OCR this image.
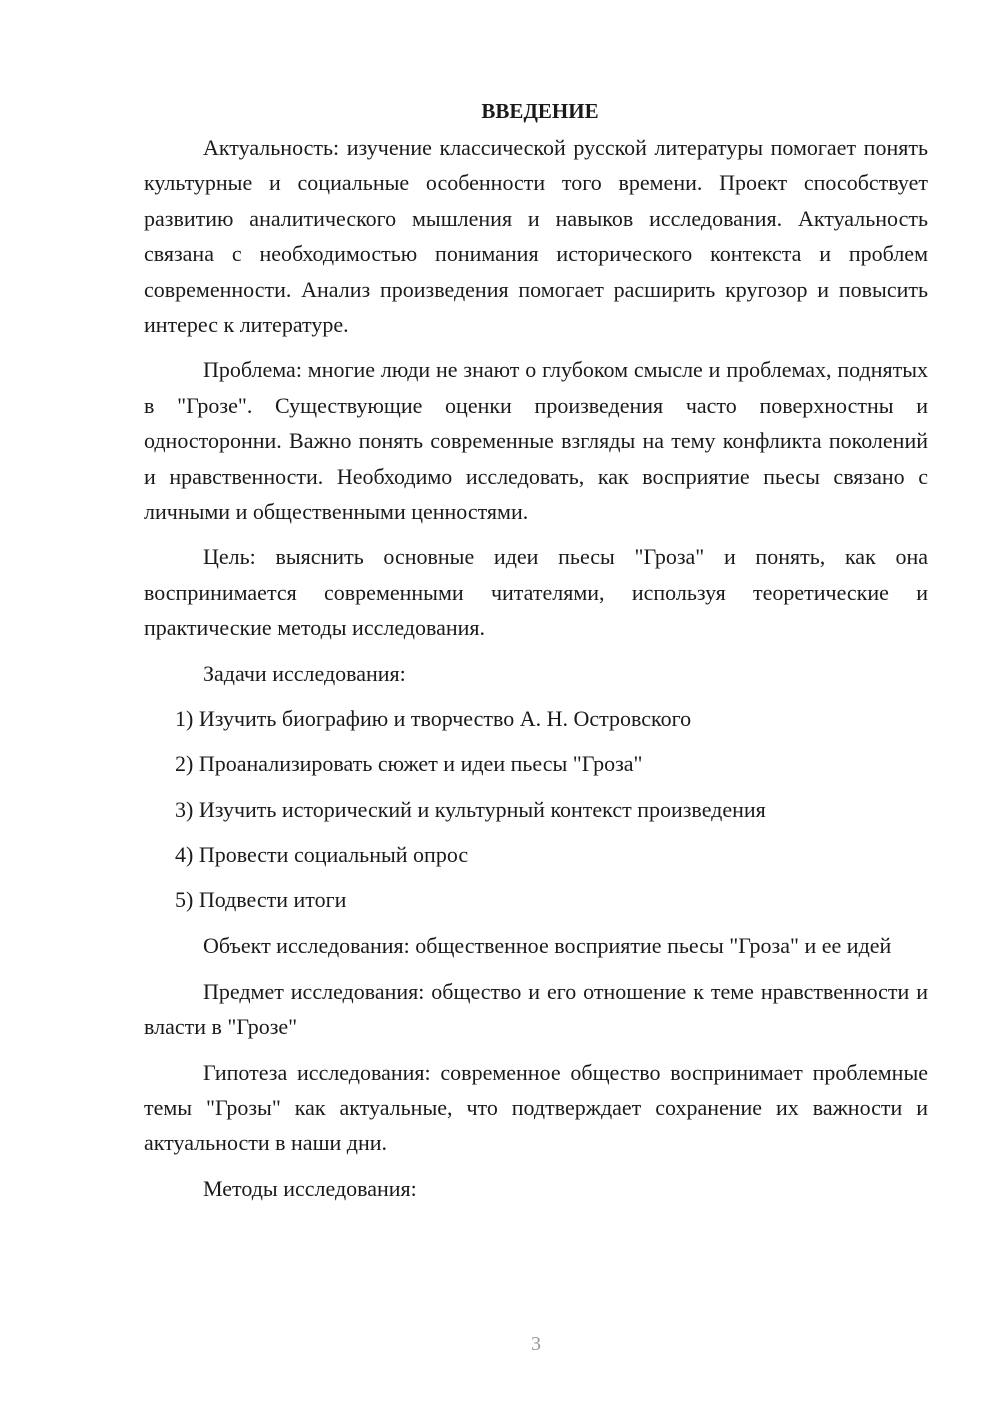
ВВЕДЕНИЕ

Актуальность: изучение классической русской литературы помогает понять культурные и социальные особенности того времени. Проект способствует развитию аналитического мышления и навыков исследования. Актуальность связана с необходимостью понимания исторического контекста и проблем современности. Анализ произведения помогает расширить кругозор и повысить интерес к литературе.

Проблема: многие люди не знают о глубоком смысле и проблемах, поднятых в "Грозе". Существующие оценки произведения часто поверхностны и односторонни. Важно понять современные взгляды на тему конфликта поколений и нравственности. Необходимо исследовать, как восприятие пьесы связано с личными и общественными ценностями.

Цель: выяснить основные идеи пьесы "Гроза" и понять, как она воспринимается современными читателями, используя теоретические и практические методы исследования.

Задачи исследования:

1) Изучить биографию и творчество А. Н. Островского
2) Проанализировать сюжет и идеи пьесы "Гроза"
3) Изучить исторический и культурный контекст произведения
4) Провести социальный опрос
5) Подвести итоги

Объект исследования: общественное восприятие пьесы "Гроза" и ее идей

Предмет исследования: общество и его отношение к теме нравственности и власти в "Грозе"

Гипотеза исследования: современное общество воспринимает проблемные темы "Грозы" как актуальные, что подтверждает сохранение их важности и актуальности в наши дни.

Методы исследования:

3
